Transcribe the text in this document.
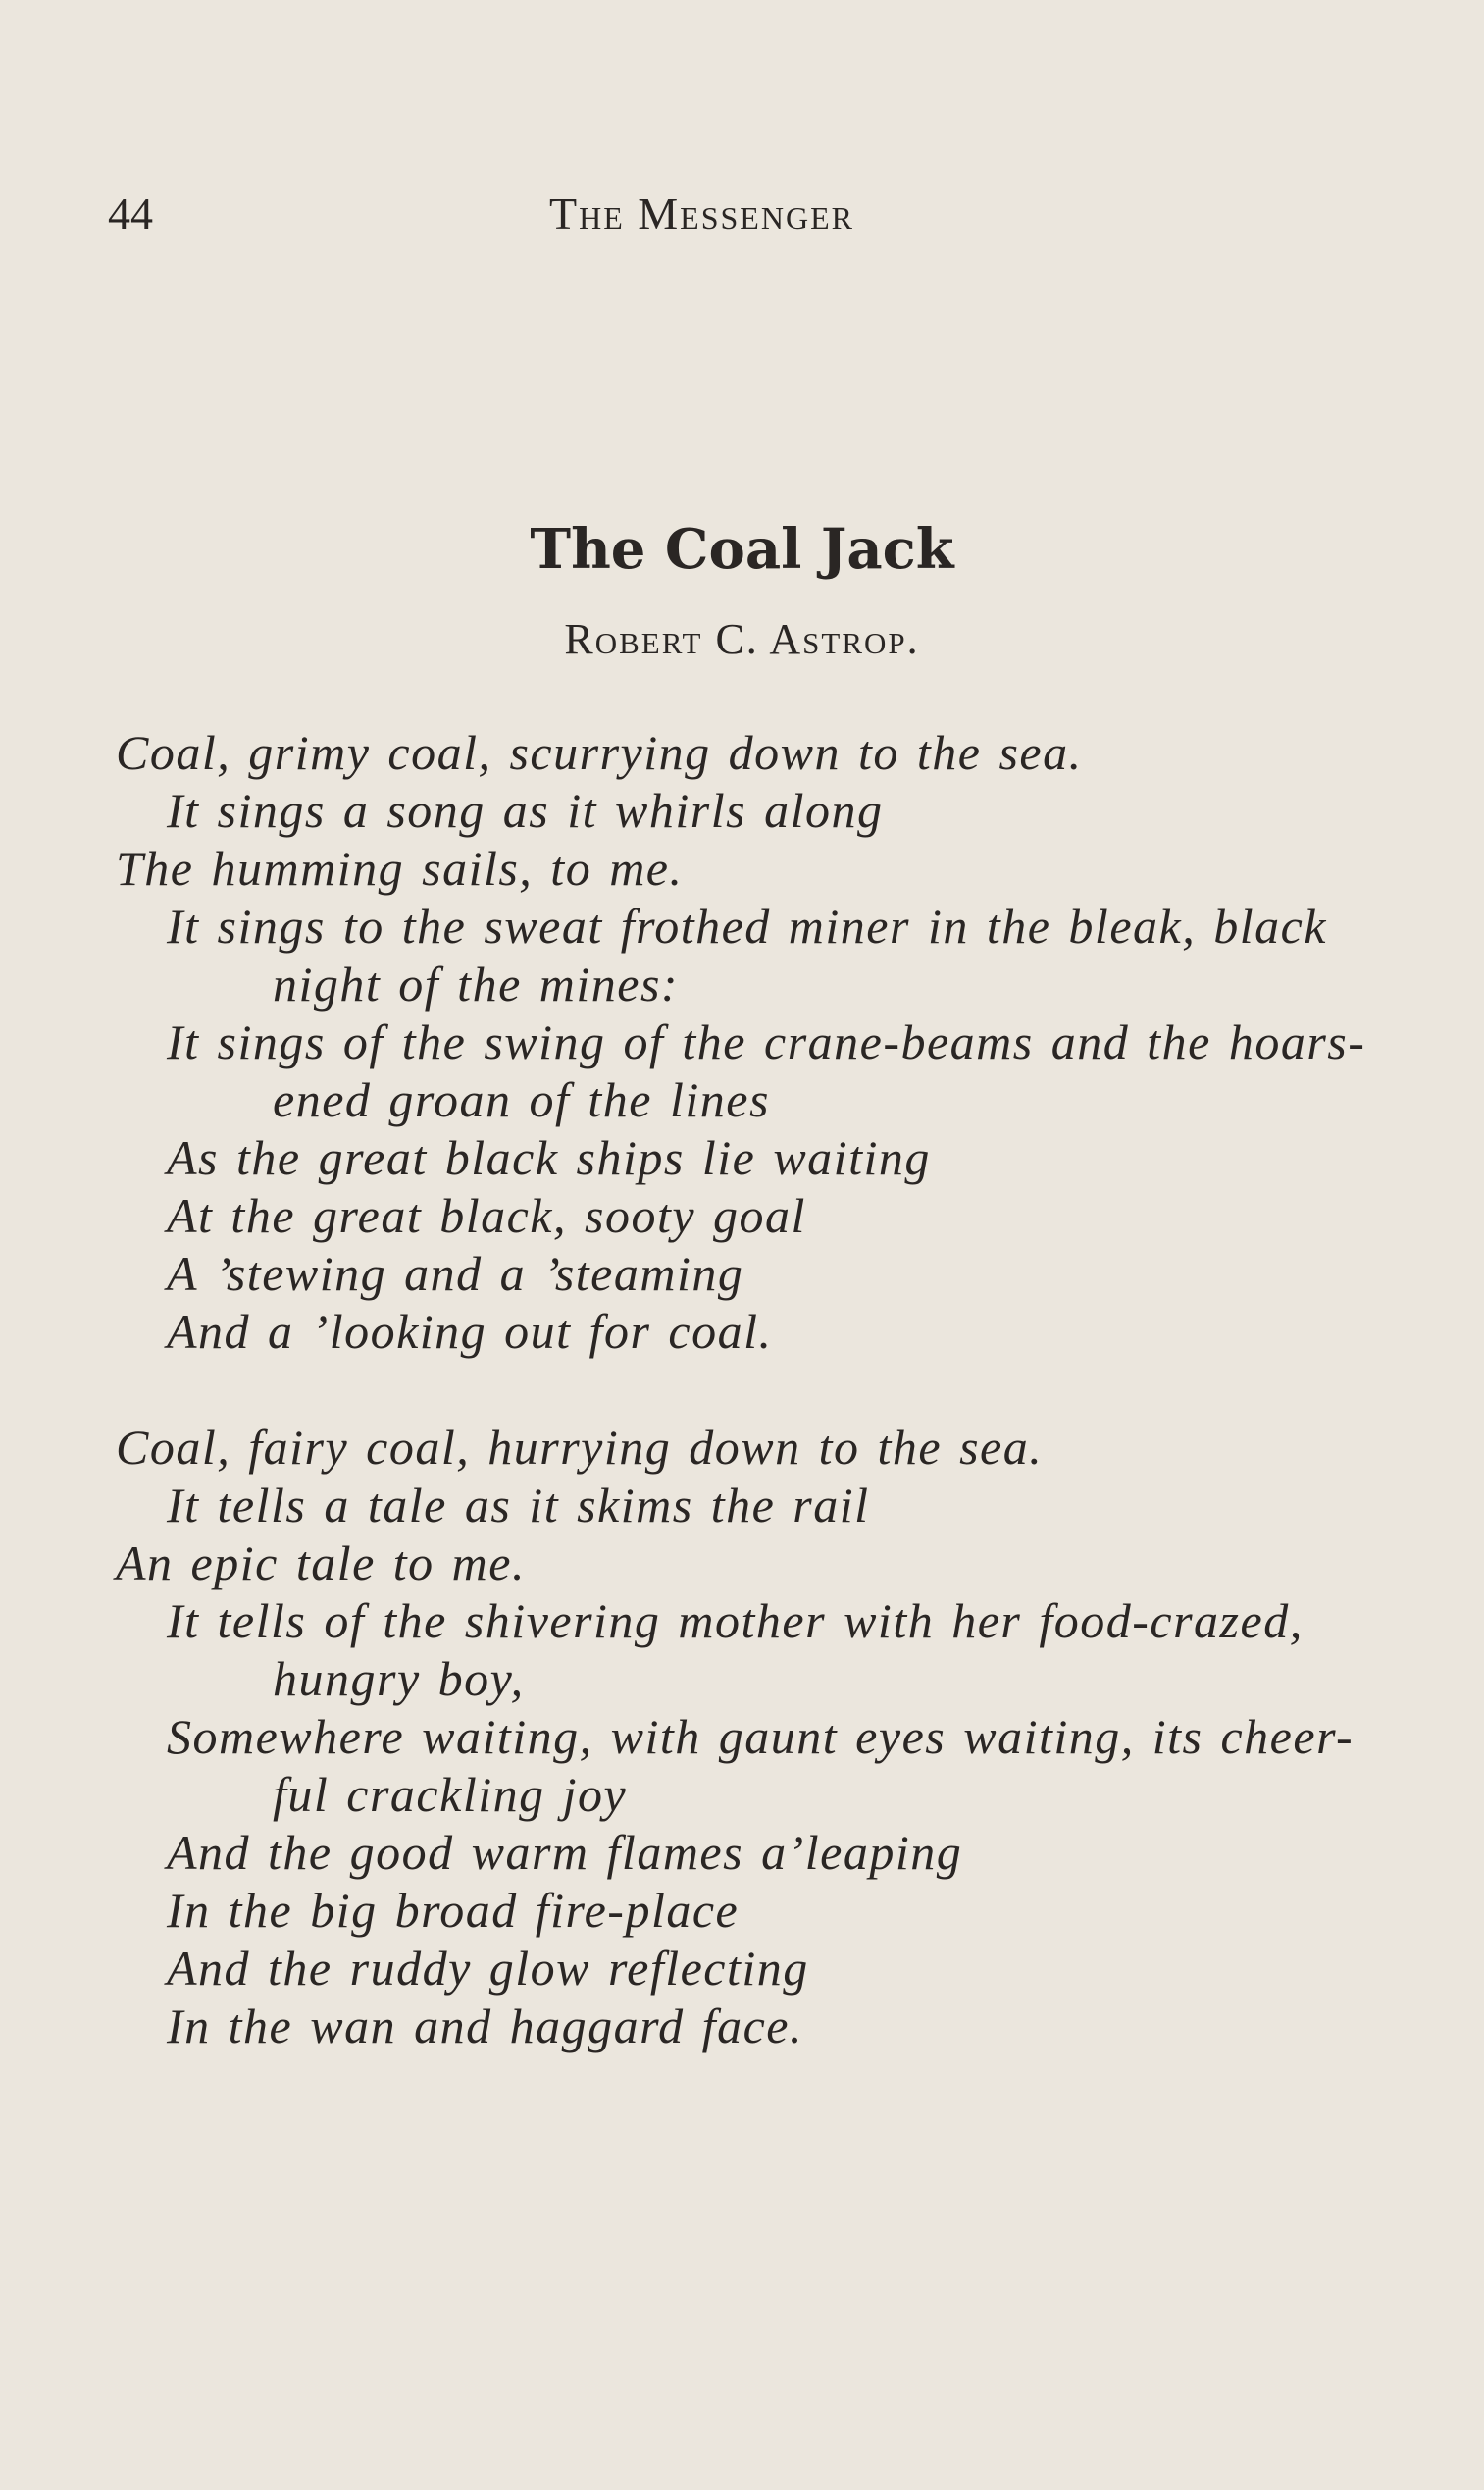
44	The Messenger
The Coal Jack
Robert C. Astrop.
Coal, grimy coal, scurrying down to the sea.
It sings a song as it whirls along
The humming sails, to me.
It sings to the sweat frothed miner in the bleak, black
night of the mines:
It sings of the swing of the crane-beams and the hoars-
ened groan of the lines
As the great black ships lie waiting
At the great black, sooty goal
A ’stewing and a ’steaming
And a ’looking out for coal.
Coal, fairy coal, hurrying down to the sea.
It tells a tale as it skims the rail
An epic tale to me.
It tells of the shivering mother with her food-crazed,
hungry boy,
Somewhere waiting, with gaunt eyes waiting, its cheer-
ful crackling joy
And the good warm flames a’leaping
In the big broad fire-place
And the ruddy glow reflecting
In the wan and haggard face.
